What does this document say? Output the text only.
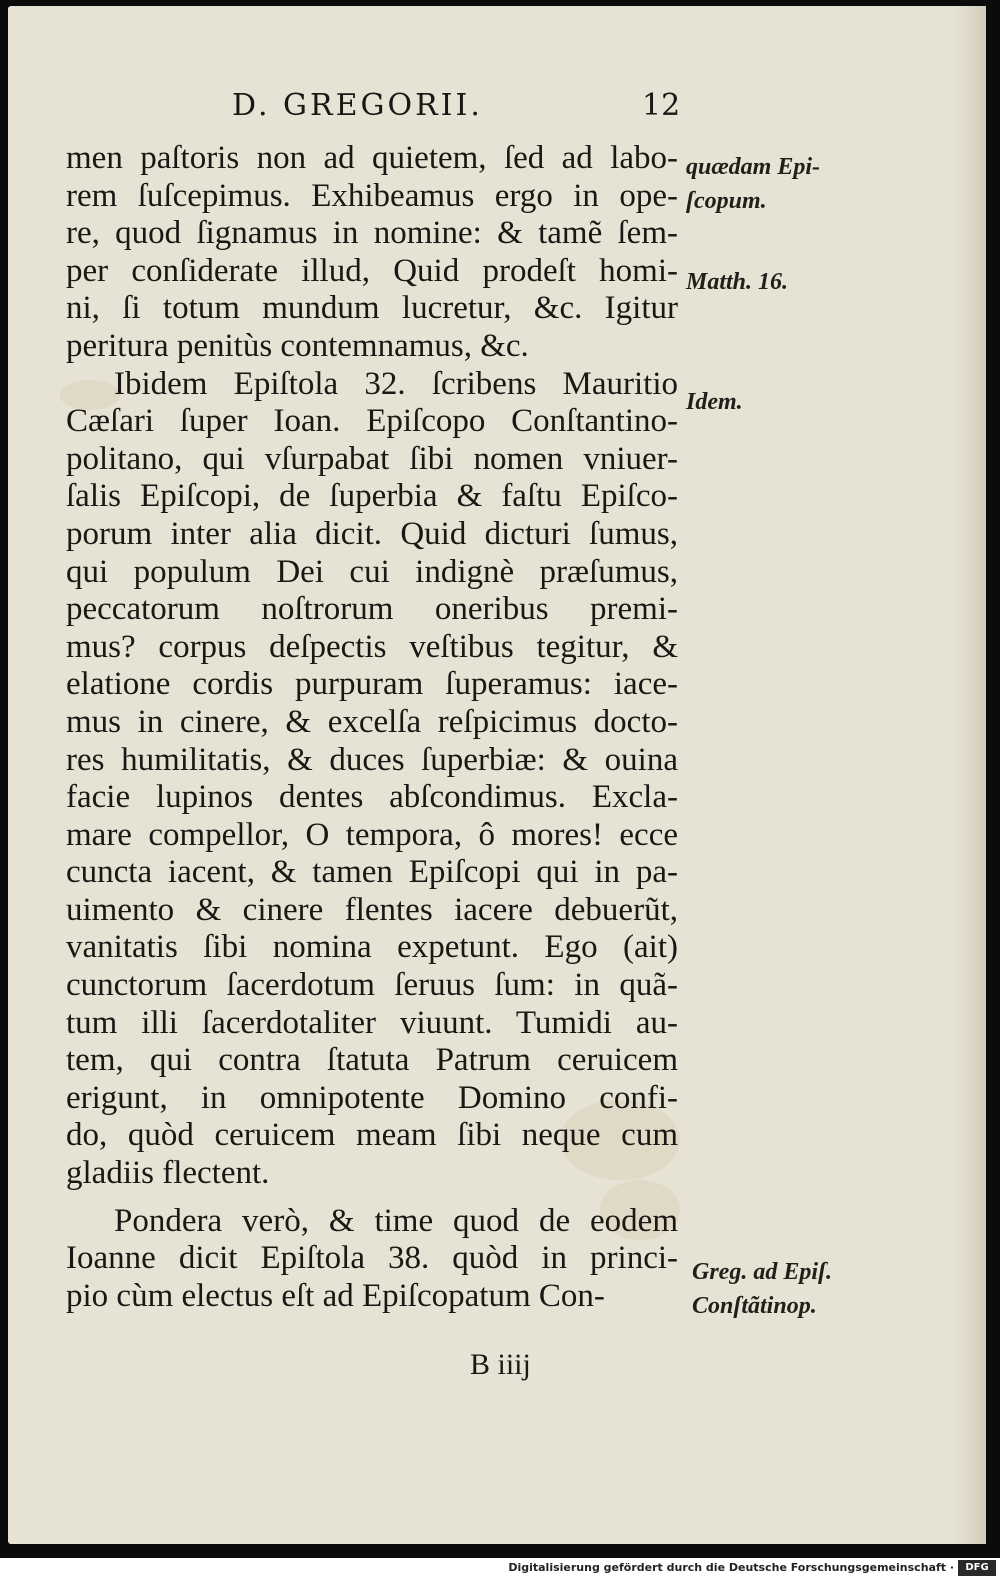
D. GREGORII.	12
men paſtoris non ad quietem, ſed ad labo-
rem ſuſcepimus. Exhibeamus ergo in ope-
re, quod ſignamus in nomine: & tamẽ ſem-
per conſiderate illud, Quid prodeſt homi-
ni, ſi totum mundum lucretur, &c. Igitur
peritura penitùs contemnamus, &c.
Ibidem Epiſtola 32. ſcribens Mauritio
Cæſari ſuper Ioan. Epiſcopo Conſtantino-
politano, qui vſurpabat ſibi nomen vniuer-
ſalis Epiſcopi, de ſuperbia & faſtu Epiſco-
porum inter alia dicit. Quid dicturi ſumus,
qui populum Dei cui indignè præſumus,
peccatorum noſtrorum oneribus premi-
mus? corpus deſpectis veſtibus tegitur, &
elatione cordis purpuram ſuperamus: iace-
mus in cinere, & excelſa reſpicimus docto-
res humilitatis, & duces ſuperbiæ: & ouina
facie lupinos dentes abſcondimus. Excla-
mare compellor, O tempora, ô mores! ecce
cuncta iacent, & tamen Epiſcopi qui in pa-
uimento & cinere flentes iacere debuerũt,
vanitatis ſibi nomina expetunt. Ego (ait)
cunctorum ſacerdotum ſeruus ſum: in quã-
tum illi ſacerdotaliter viuunt. Tumidi au-
tem, qui contra ſtatuta Patrum ceruicem
erigunt, in omnipotente Domino confi-
do, quòd ceruicem meam ſibi neque cum
gladiis flectent.
Pondera verò, & time quod de eodem
Ioanne dicit Epiſtola 38. quòd in princi-
pio cùm electus eſt ad Epiſcopatum Con-
quædam Epi-
ſcopum.
Matth. 16.
Idem.
Greg. ad Epiſ.
Conſtãtinop.
B iiij
Digitalisierung gefördert durch die Deutsche Forschungsgemeinschaft ·	DFG
